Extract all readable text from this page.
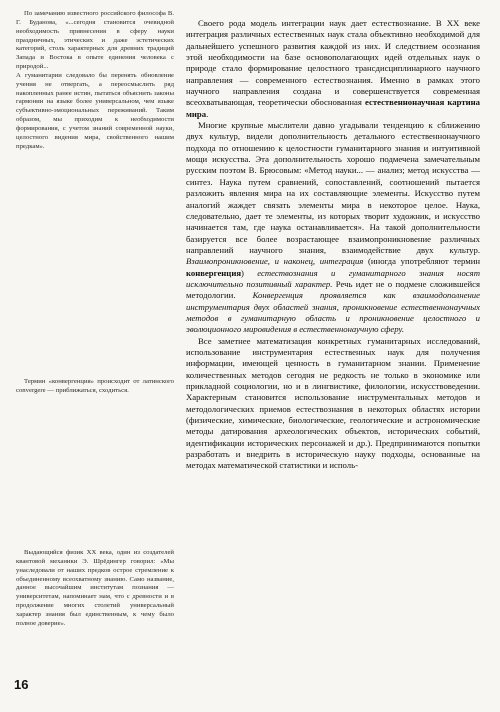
По замечанию известного российского философа В. Г. Буданова, «...сегодня становится очевидной необходимость привнесения в сферу науки праздничных, этических и даже эстетических категорий, столь характерных для древних традиций Запада и Востока в опыте единения человека с природой...

А гуманитарии следовало бы перенять обновление учения не отвергать, а переосмыслить ряд накопленных ранее истин, пытаться объяснить законы гармонии на языке более универсальном, чем языке субъективно-эмоциональных переживаний. Таким образом, мы приходим к необходимости формирования, с учетом знаний современной науки, целостного видения мира, свойственного нашим предкам».

Термин «конвергенция» происходит от латинского convergere — приближаться, сходиться.

Выдающийся физик XX века, один из создателей квантовой механики Э. Шрёдингер говорил: «Мы унаследовали от наших предков острое стремление к объединенному всеохватному знанию. Само название, данное высочайшим институтам познания — университетам, напоминает нам, что с древности и в продолжение многих столетий универсальный характер знания был единственным, к чему было полное доверие».

Своего рода модель интеграции наук дает естествознание. В XX веке интеграция различных естественных наук стала объективно необходимой для дальнейшего успешного развития каждой из них. И следствием осознания этой необходимости на базе основополагающих идей отдельных наук о природе стало формирование целостного трансдисциплинарного научного направления — современного естествознания. Именно в рамках этого научного направления создана и совершенствуется современная всеохватывающая, теоретически обоснованная естественнонаучная картина мира.

Многие крупные мыслители давно угадывали тенденцию к сближению двух культур, видели дополнительность детального естественнонаучного подхода по отношению к целостности гуманитарного знания и интуитивной мощи искусства. Эта дополнительность хорошо подмечена замечательным русским поэтом В. Брюсовым: «Метод науки... — анализ; метод искусства — синтез. Наука путем сравнений, сопоставлений, соотношений пытается разложить явления мира на их составляющие элементы. Искусство путем аналогий жаждет связать элементы мира в некоторое целое. Наука, следовательно, дает те элементы, из которых творит художник, и искусство начинается там, где наука останавливается». На такой дополнительности базируется все более возрастающее взаимопроникновение различных направлений научного знания, взаимодействие двух культур. Взаимопроникновение, и наконец, интеграция (иногда употребляют термин конвергенция) естествознания и гуманитарного знания носят исключительно позитивный характер. Речь идет не о подмене сложившейся методологии. Конвергенция проявляется как взаимодополнение инструментария двух областей знания, проникновение естественнонаучных методов в гуманитарную область и проникновение целостного и эволюционного мировидения в естественнонаучную сферу.

Все заметнее математизация конкретных гуманитарных исследований, использование инструментария естественных наук для получения информации, имеющей ценность в гуманитарном знании. Применение количественных методов сегодня не редкость не только в экономике или прикладной социологии, но и в лингвистике, филологии, искусствоведении. Характерным становится использование инструментальных методов и методологических приемов естествознания в некоторых областях истории (физические, химические, биологические, геологические и астрономические методы датирования археологических объектов, исторических событий, идентификации исторических персонажей и др.). Предпринимаются попытки разработать и внедрить в историческую науку подходы, основанные на методах математической статистики и исполь-

16
